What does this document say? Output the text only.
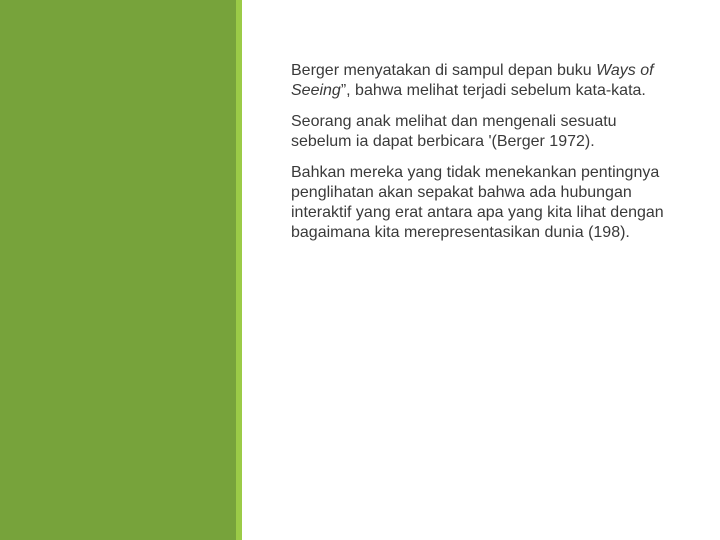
Berger menyatakan di sampul depan buku Ways of Seeing”, bahwa melihat terjadi sebelum kata-kata.

Seorang anak melihat dan mengenali sesuatu sebelum ia dapat berbicara '(Berger 1972).

Bahkan mereka yang tidak menekankan pentingnya penglihatan akan sepakat bahwa ada hubungan interaktif yang erat antara apa yang kita lihat dengan bagaimana kita merepresentasikan dunia (198).
